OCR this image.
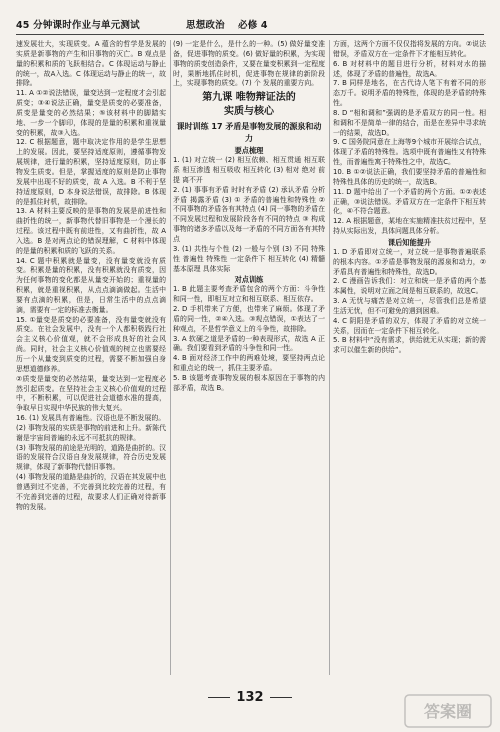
45 分钟课时作业与单元测试	思想政治 必修 4

速发展壮大，实现质变。A 蕴含的哲学是发展的实质是新事物的产生和旧事物的灭亡。B 观点是量的积累和质的飞跃相结合。C 体现运动与静止的统一，故A入选。C 体现运动与静止的统一，故排除。

11. A ①②说法错误，量变达到一定程度才会引起质变；③④说法正确，量变是质变的必要准备，质变是量变的必然结果；⑤该材料中的脚踏实地、一步一个脚印，体现的是量的积累和重视量变的积累，故③入选。

12. C 根据题意，题中取决定作用的是学生思想上的发展。因此，要坚持适度原则，遵循事物发展规律，进行量的积累，坚持适度原则，防止事物发生质变。但是，掌握适度的原则是防止事物发展中出现不好的质变，故 A 入选。B 不利于坚持适度原则，D 本身说法错误，故排除。B 体现的是抓住时机，故排除。

13. A 材料主要反映的是事物的发展是前进性和曲折性的统一，新事物代替旧事物是一个漫长的过程。该过程中既有前进性，又有曲折性，故 A 入选。B 是对两点论的错误理解，C 材料中体现的是量的积累和质的飞跃的关系。

14. C 题中积累就是量变，没有量变就没有质变。积累是量的积累，没有积累就没有质变，因为任何事物的变化都是从量变开始的；重视量的积累，就是重视积累，从点点滴滴做起。生活中要有点滴的积累，但是，日常生活中的点点滴滴，需要有一定的标准去衡量。

15. ①量变是质变的必要准备，没有量变就没有质变。在社会发展中，没有一个人都积极践行社会主义核心价值观，就不会形成良好的社会风尚。同时，社会主义核心价值观的树立也需要经历一个从量变到质变的过程，需要不断加强自身思想道德修养。

②质变是量变的必然结果，量变达到一定程度必然引起质变。在坚持社会主义核心价值观的过程中，不断积累，可以促进社会道德水准的提高，争取早日实现中华民族的伟大复兴。

16. (1) 发展具有普遍性。汉语也是不断发展的。

(2) 事物发展的实质是事物的前进和上升。新陈代谢是宇宙间普遍的永远不可抵抗的规律。

(3) 事物发展的前途是光明的，道路是曲折的。汉语的发展符合汉语自身发展规律，符合历史发展规律，体现了新事物代替旧事物。

(4) 事物发展的道路是曲折的，汉语在其发展中也曾遇到过不完善，不完善到比较完善的过程，有不完善到完善的过程，故要求人们正确对待新事物的发展。

(9) 一定是什么，是什么的一种。(5) 做好量变准备，促进事物的质变。(6) 做好量的积累，为实现事物的质变创造条件，又要在量变积累到一定程度时，果断地抓住时机，促进事物在规律的新阶段上，实现事物的质变。(7) 个 发展的重要方向。

第九课 唯物辩证法的
实质与核心
课时训练 17 矛盾是事物发展的源泉和动力
要点梳理

1. (1) 对立统一 (2) 相互依赖、相互贯通 相互联系 相互渗透 相互吸收 相互转化 (3) 相对 绝对 前提 离不开

2. (1) 事事有矛盾 时时有矛盾 (2) 承认矛盾 分析矛盾 揭露矛盾 (3) ① 矛盾的普遍性和特殊性 ② 不同事物的矛盾各有其特点 (4) 同一事物的矛盾在不同发展过程和发展阶段各有不同的特点 ③ 构成事物的诸多矛盾以及每一矛盾的不同方面各有其特点

3. (1) 共性与个性 (2) 一般与个别 (3) 不同 特殊性 普遍性 特殊性 一定条件下 相互转化 (4) 精髓 基本原理 具体实际

对点训练

1. B 此题主要考查矛盾包含的两个方面：斗争性和同一性，即相互对立和相互联系、相互依存。

2. D 手机带来了方便，也带来了麻烦。体现了矛盾的同一性，②④入选。③观点错误，①表达了一种观点，不是哲学意义上的斗争性，故排除。

3. A 软硬之道是矛盾的一种表现形式，故选 A 正确。我们要看到矛盾的斗争性和同一性。

4. B 面对经济工作中的两难处境，要坚持两点论和重点论的统一，抓住主要矛盾。

5. B 该题考查事物发展的根本原因在于事物的内部矛盾，故选 B。

方面，这两个方面不仅仅指将发展的方向。②说法错误，矛盾双方在一定条件下才能相互转化。

6. B 对材料中的题目进行分析，材料对水的描述，体现了矛盾的普遍性，故选A。

7. B 同样是地名，在古代诗人笔下有着不同的形态万千。说明矛盾的特殊性，体现的是矛盾的特殊性。

8. D “相和调和”强调的是矛盾双方的同一性。相和调和不是简单一律的结合，而是在差异中寻求统一的结果，故选D。

9. C 国务院同意在上海等9个城市开展综合试点，体现了矛盾的特殊性。选项中既有普遍性又有特殊性，而普遍性寓于特殊性之中，故选C。

10. B ①②说法正确，我们要坚持矛盾的普遍性和特殊性具体的历史的统一，故选B。

11. D 题中给出了一个矛盾的两个方面。①②表述正确，③说法错误。矛盾双方在一定条件下相互转化，④不符合题意。

12. A 根据题意，某地在实施精准扶贫过程中，坚持从实际出发，具体问题具体分析。

课后知能提升

1. D 矛盾即对立统一，对立统一是事物普遍联系的根本内容。①矛盾是事物发展的源泉和动力，②矛盾具有普遍性和特殊性，故选D。

2. C 漫画告诉我们：对立和统一是矛盾的两个基本属性，说明对立面之间是相互联系的，故选C。

3. A 无忧与痛苦是对立统一，尽管我们总是希望生活无忧，但不可避免的遇到困难。

4. C 阴阳是矛盾的双方，体现了矛盾的对立统一关系，因而在一定条件下相互转化。

5. B 材料中“没有需求，供给就无从实现；新的需求可以催生新的供给”。

132
答案圈
